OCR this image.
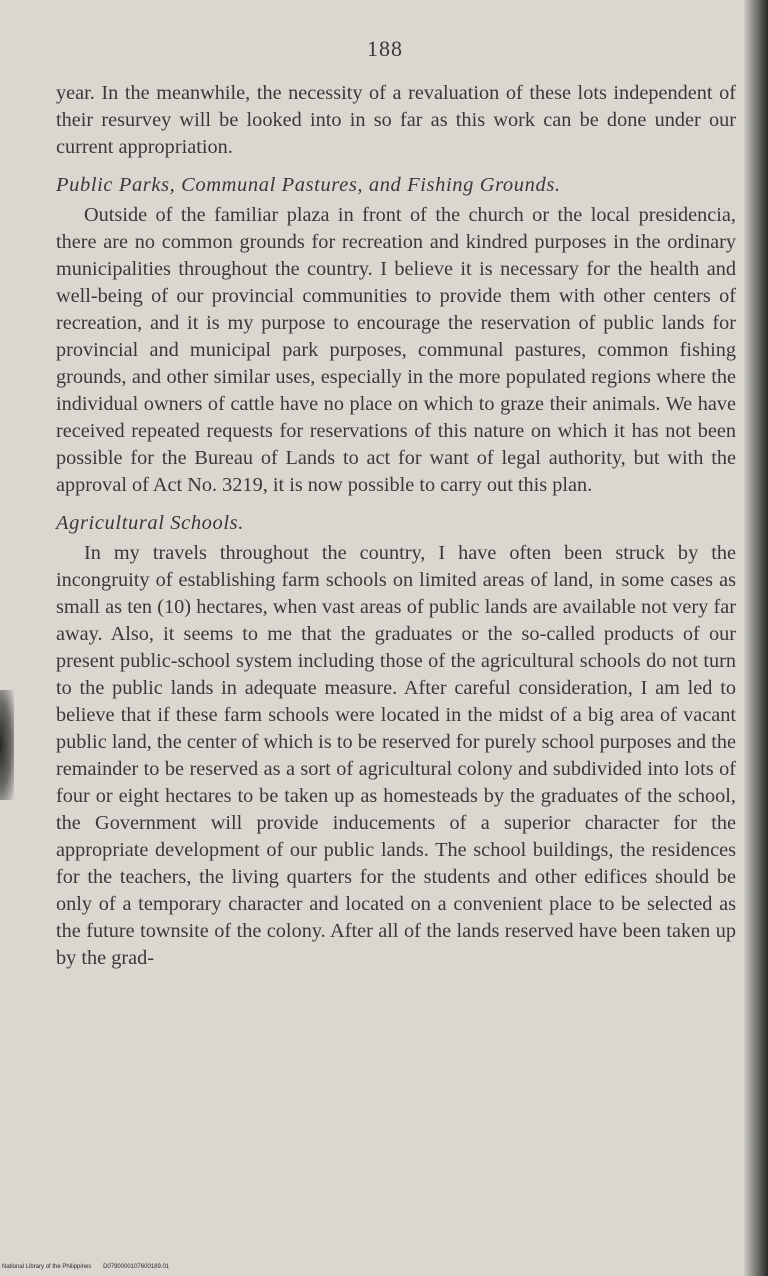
188

year. In the meanwhile, the necessity of a revaluation of these lots independent of their resurvey will be looked into in so far as this work can be done under our current appropriation.

Public Parks, Communal Pastures, and Fishing Grounds.

Outside of the familiar plaza in front of the church or the local presidencia, there are no common grounds for recreation and kindred purposes in the ordinary municipalities throughout the country. I believe it is necessary for the health and well-being of our provincial communities to provide them with other centers of recreation, and it is my purpose to encourage the reservation of public lands for provincial and municipal park purposes, communal pastures, common fishing grounds, and other similar uses, especially in the more populated regions where the individual owners of cattle have no place on which to graze their animals. We have received repeated requests for reservations of this nature on which it has not been possible for the Bureau of Lands to act for want of legal authority, but with the approval of Act No. 3219, it is now possible to carry out this plan.

Agricultural Schools.

In my travels throughout the country, I have often been struck by the incongruity of establishing farm schools on limited areas of land, in some cases as small as ten (10) hectares, when vast areas of public lands are available not very far away. Also, it seems to me that the graduates or the so-called products of our present public-school system including those of the agricultural schools do not turn to the public lands in adequate measure. After careful consideration, I am led to believe that if these farm schools were located in the midst of a big area of vacant public land, the center of which is to be reserved for purely school purposes and the remainder to be reserved as a sort of agricultural colony and subdivided into lots of four or eight hectares to be taken up as homesteads by the graduates of the school, the Government will provide inducements of a superior character for the appropriate development of our public lands. The school buildings, the residences for the teachers, the living quarters for the students and other edifices should be only of a temporary character and located on a convenient place to be selected as the future townsite of the colony. After all of the lands reserved have been taken up by the grad-

National Library of the Philippines D0790000107600189.01
